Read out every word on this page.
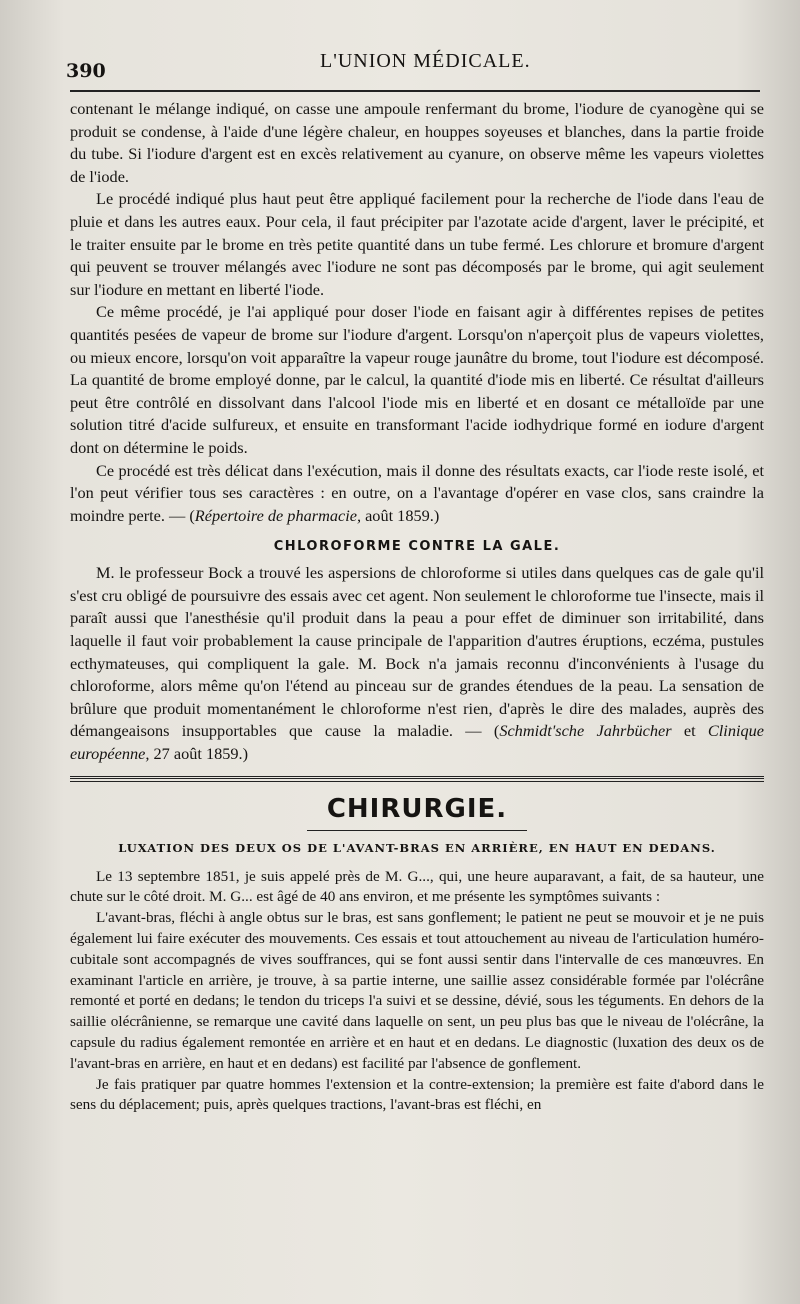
390	L'UNION MÉDICALE.

contenant le mélange indiqué, on casse une ampoule renfermant du brome, l'iodure de cyanogène qui se produit se condense, à l'aide d'une légère chaleur, en houppes soyeuses et blanches, dans la partie froide du tube. Si l'iodure d'argent est en excès relativement au cyanure, on observe même les vapeurs violettes de l'iode.

Le procédé indiqué plus haut peut être appliqué facilement pour la recherche de l'iode dans l'eau de pluie et dans les autres eaux. Pour cela, il faut précipiter par l'azotate acide d'argent, laver le précipité, et le traiter ensuite par le brome en très petite quantité dans un tube fermé. Les chlorure et bromure d'argent qui peuvent se trouver mélangés avec l'iodure ne sont pas décomposés par le brome, qui agit seulement sur l'iodure en mettant en liberté l'iode.

Ce même procédé, je l'ai appliqué pour doser l'iode en faisant agir à différentes repises de petites quantités pesées de vapeur de brome sur l'iodure d'argent. Lorsqu'on n'aperçoit plus de vapeurs violettes, ou mieux encore, lorsqu'on voit apparaître la vapeur rouge jaunâtre du brome, tout l'iodure est décomposé. La quantité de brome employé donne, par le calcul, la quantité d'iode mis en liberté. Ce résultat d'ailleurs peut être contrôlé en dissolvant dans l'alcool l'iode mis en liberté et en dosant ce métalloïde par une solution titré d'acide sulfureux, et ensuite en transformant l'acide iodhydrique formé en iodure d'argent dont on détermine le poids.

Ce procédé est très délicat dans l'exécution, mais il donne des résultats exacts, car l'iode reste isolé, et l'on peut vérifier tous ses caractères : en outre, on a l'avantage d'opérer en vase clos, sans craindre la moindre perte. — (Répertoire de pharmacie, août 1859.)

CHLOROFORME CONTRE LA GALE.

M. le professeur Bock a trouvé les aspersions de chloroforme si utiles dans quelques cas de gale qu'il s'est cru obligé de poursuivre des essais avec cet agent. Non seulement le chloroforme tue l'insecte, mais il paraît aussi que l'anesthésie qu'il produit dans la peau a pour effet de diminuer son irritabilité, dans laquelle il faut voir probablement la cause principale de l'apparition d'autres éruptions, eczéma, pustules ecthymateuses, qui compliquent la gale. M. Bock n'a jamais reconnu d'inconvénients à l'usage du chloroforme, alors même qu'on l'étend au pinceau sur de grandes étendues de la peau. La sensation de brûlure que produit momentanément le chloroforme n'est rien, d'après le dire des malades, auprès des démangeaisons insupportables que cause la maladie. — (Schmidt'sche Jahrbücher et Clinique européenne, 27 août 1859.)

CHIRURGIE.
LUXATION DES DEUX OS DE L'AVANT-BRAS EN ARRIÈRE, EN HAUT EN DEDANS.

Le 13 septembre 1851, je suis appelé près de M. G..., qui, une heure auparavant, a fait, de sa hauteur, une chute sur le côté droit. M. G... est âgé de 40 ans environ, et me présente les symptômes suivants :

L'avant-bras, fléchi à angle obtus sur le bras, est sans gonflement; le patient ne peut se mouvoir et je ne puis également lui faire exécuter des mouvements. Ces essais et tout attouchement au niveau de l'articulation huméro-cubitale sont accompagnés de vives souffrances, qui se font aussi sentir dans l'intervalle de ces manœuvres. En examinant l'article en arrière, je trouve, à sa partie interne, une saillie assez considérable formée par l'olécrâne remonté et porté en dedans; le tendon du triceps l'a suivi et se dessine, dévié, sous les téguments. En dehors de la saillie olécrânienne, se remarque une cavité dans laquelle on sent, un peu plus bas que le niveau de l'olécrâne, la capsule du radius également remontée en arrière et en haut et en dedans. Le diagnostic (luxation des deux os de l'avant-bras en arrière, en haut et en dedans) est facilité par l'absence de gonflement.

Je fais pratiquer par quatre hommes l'extension et la contre-extension; la première est faite d'abord dans le sens du déplacement; puis, après quelques tractions, l'avant-bras est fléchi, en
